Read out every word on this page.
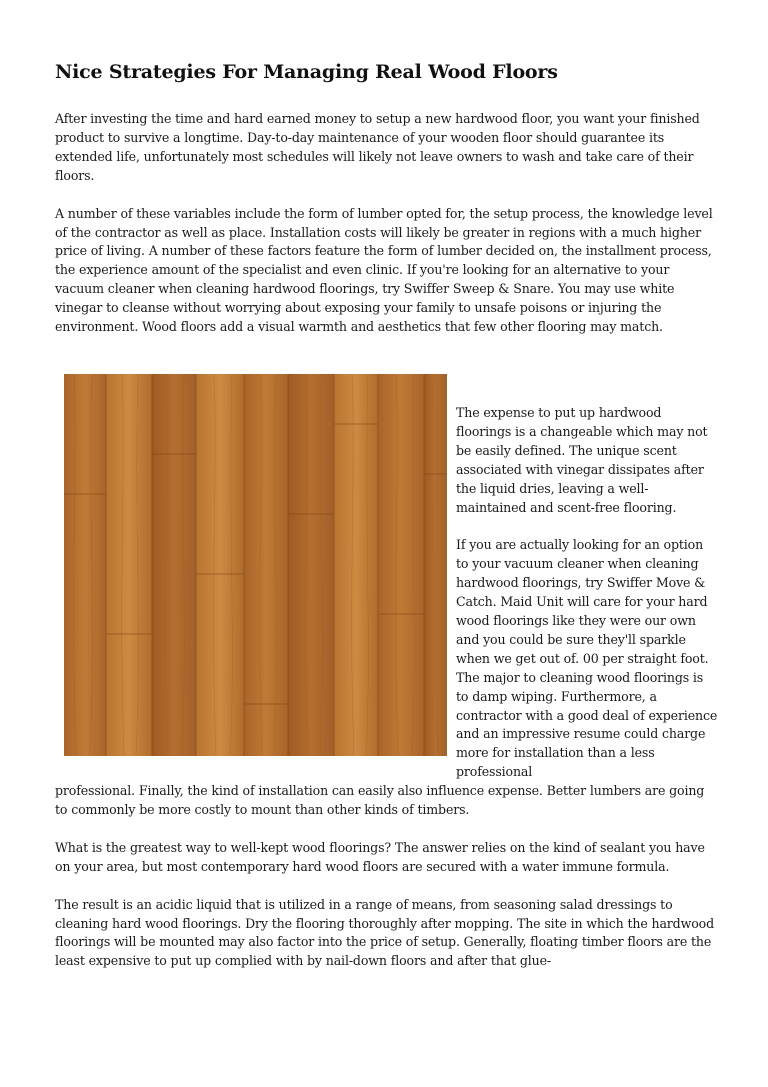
Nice Strategies For Managing Real Wood Floors

After investing the time and hard earned money to setup a new hardwood floor, you want your finished product to survive a longtime. Day-to-day maintenance of your wooden floor should guarantee its extended life, unfortunately most schedules will likely not leave owners to wash and take care of their floors.

A number of these variables include the form of lumber opted for, the setup process, the knowledge level of the contractor as well as place. Installation costs will likely be greater in regions with a much higher price of living. A number of these factors feature the form of lumber decided on, the installment process, the experience amount of the specialist and even clinic. If you're looking for an alternative to your vacuum cleaner when cleaning hardwood floorings, try Swiffer Sweep & Snare. You may use white vinegar to cleanse without worrying about exposing your family to unsafe poisons or injuring the environment. Wood floors add a visual warmth and aesthetics that few other flooring may match.

The expense to put up hardwood floorings is a changeable which may not be easily defined. The unique scent associated with vinegar dissipates after the liquid dries, leaving a well-maintained and scent-free flooring.

If you are actually looking for an option to your vacuum cleaner when cleaning hardwood floorings, try Swiffer Move & Catch. Maid Unit will care for your hard wood floorings like they were our own and you could be sure they'll sparkle when we get out of. 00 per straight foot. The major to cleaning wood floorings is to damp wiping. Furthermore, a contractor with a good deal of experience and an impressive resume could charge more for installation than a less professional

professional. Finally, the kind of installation can easily also influence expense. Better lumbers are going to commonly be more costly to mount than other kinds of timbers.

What is the greatest way to well-kept wood floorings? The answer relies on the kind of sealant you have on your area, but most contemporary hard wood floors are secured with a water immune formula.

The result is an acidic liquid that is utilized in a range of means, from seasoning salad dressings to cleaning hard wood floorings. Dry the flooring thoroughly after mopping. The site in which the hardwood floorings will be mounted may also factor into the price of setup. Generally, floating timber floors are the least expensive to put up complied with by nail-down floors and after that glue-
